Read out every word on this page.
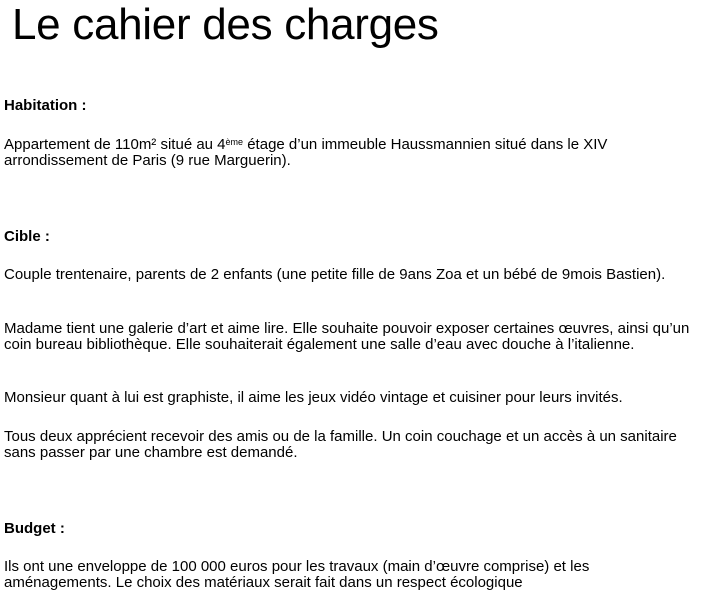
Le cahier des charges

Habitation :

Appartement de 110m² situé au 4ème étage d’un immeuble Haussmannien situé dans le XIV arrondissement de Paris (9 rue Marguerin).

Cible :

Couple trentenaire, parents de 2 enfants (une petite fille de 9ans Zoa et un bébé de 9mois Bastien).

Madame tient une galerie d’art et aime lire. Elle souhaite pouvoir exposer certaines œuvres, ainsi qu’un coin bureau bibliothèque. Elle souhaiterait également une salle d’eau avec douche à l’italienne.

Monsieur quant à lui est graphiste, il aime les jeux vidéo vintage et cuisiner pour leurs invités.

Tous deux apprécient recevoir des amis ou de la famille. Un coin couchage et un accès à un sanitaire sans passer par une chambre est demandé.

Budget :

Ils ont une enveloppe de 100 000 euros pour les travaux (main d’œuvre comprise) et les aménagements. Le choix des matériaux serait fait dans un respect écologique
